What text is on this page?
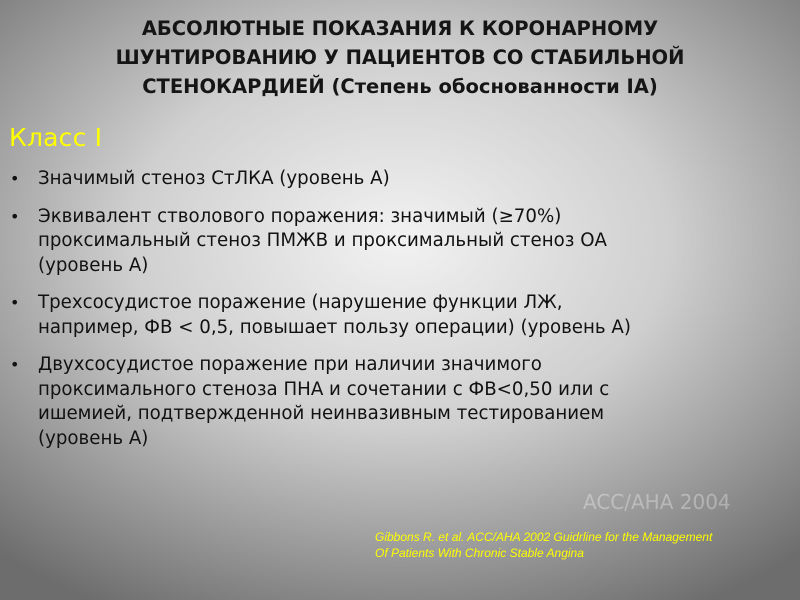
АБСОЛЮТНЫЕ ПОКАЗАНИЯ К КОРОНАРНОМУ
ШУНТИРОВАНИЮ У ПАЦИЕНТОВ СО СТАБИЛЬНОЙ
СТЕНОКАРДИЕЙ (Степень обоснованности IA)
Класс I
• Значимый стеноз СтЛКА (уровень А)
• Эквивалент стволового поражения: значимый (≥70%)
проксимальный стеноз ПМЖВ и проксимальный стеноз ОА
(уровень А)
• Трехсосудистое поражение (нарушение функции ЛЖ,
например, ФВ < 0,5, повышает пользу операции) (уровень А)
• Двухсосудистое поражение при наличии значимого
проксимального стеноза ПНА и сочетании с ФВ<0,50 или с
ишемией, подтвержденной неинвазивным тестированием
(уровень А)
ACC/AHA 2004
Gibbons R. et al. ACC/AHA 2002 Guidrline for the Management
Of Patients With Chronic Stable Angina
